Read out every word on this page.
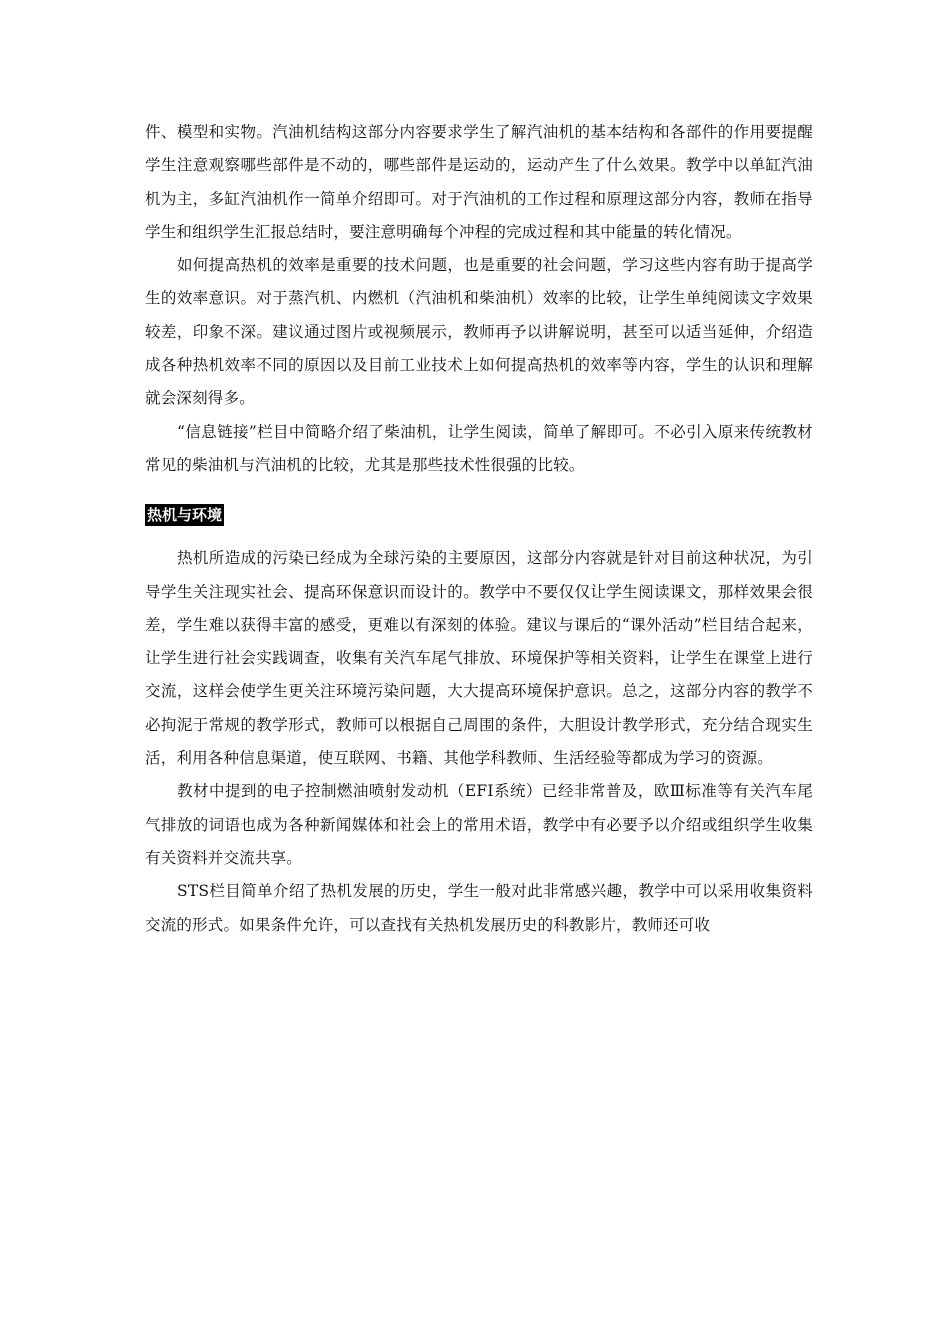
件、模型和实物。汽油机结构这部分内容要求学生了解汽油机的基本结构和各部件的作用要提醒学生注意观察哪些部件是不动的，哪些部件是运动的，运动产生了什么效果。教学中以单缸汽油机为主，多缸汽油机作一简单介绍即可。对于汽油机的工作过程和原理这部分内容，教师在指导学生和组织学生汇报总结时，要注意明确每个冲程的完成过程和其中能量的转化情况。

如何提高热机的效率是重要的技术问题，也是重要的社会问题，学习这些内容有助于提高学生的效率意识。对于蒸汽机、内燃机（汽油机和柴油机）效率的比较，让学生单纯阅读文字效果较差，印象不深。建议通过图片或视频展示，教师再予以讲解说明，甚至可以适当延伸，介绍造成各种热机效率不同的原因以及目前工业技术上如何提高热机的效率等内容，学生的认识和理解就会深刻得多。

“信息链接”栏目中简略介绍了柴油机，让学生阅读，简单了解即可。不必引入原来传统教材常见的柴油机与汽油机的比较，尤其是那些技术性很强的比较。

热机与环境

热机所造成的污染已经成为全球污染的主要原因，这部分内容就是针对目前这种状况，为引导学生关注现实社会、提高环保意识而设计的。教学中不要仅仅让学生阅读课文，那样效果会很差，学生难以获得丰富的感受，更难以有深刻的体验。建议与课后的“课外活动”栏目结合起来，让学生进行社会实践调查，收集有关汽车尾气排放、环境保护等相关资料，让学生在课堂上进行交流，这样会使学生更关注环境污染问题，大大提高环境保护意识。总之，这部分内容的教学不必拘泥于常规的教学形式，教师可以根据自己周围的条件，大胆设计教学形式，充分结合现实生活，利用各种信息渠道，使互联网、书籍、其他学科教师、生活经验等都成为学习的资源。

教材中提到的电子控制燃油喷射发动机（EFI系统）已经非常普及，欧Ⅲ标准等有关汽车尾气排放的词语也成为各种新闻媒体和社会上的常用术语，教学中有必要予以介绍或组织学生收集有关资料并交流共享。

STS栏目简单介绍了热机发展的历史，学生一般对此非常感兴趣，教学中可以采用收集资料交流的形式。如果条件允许，可以查找有关热机发展历史的科教影片，教师还可收
